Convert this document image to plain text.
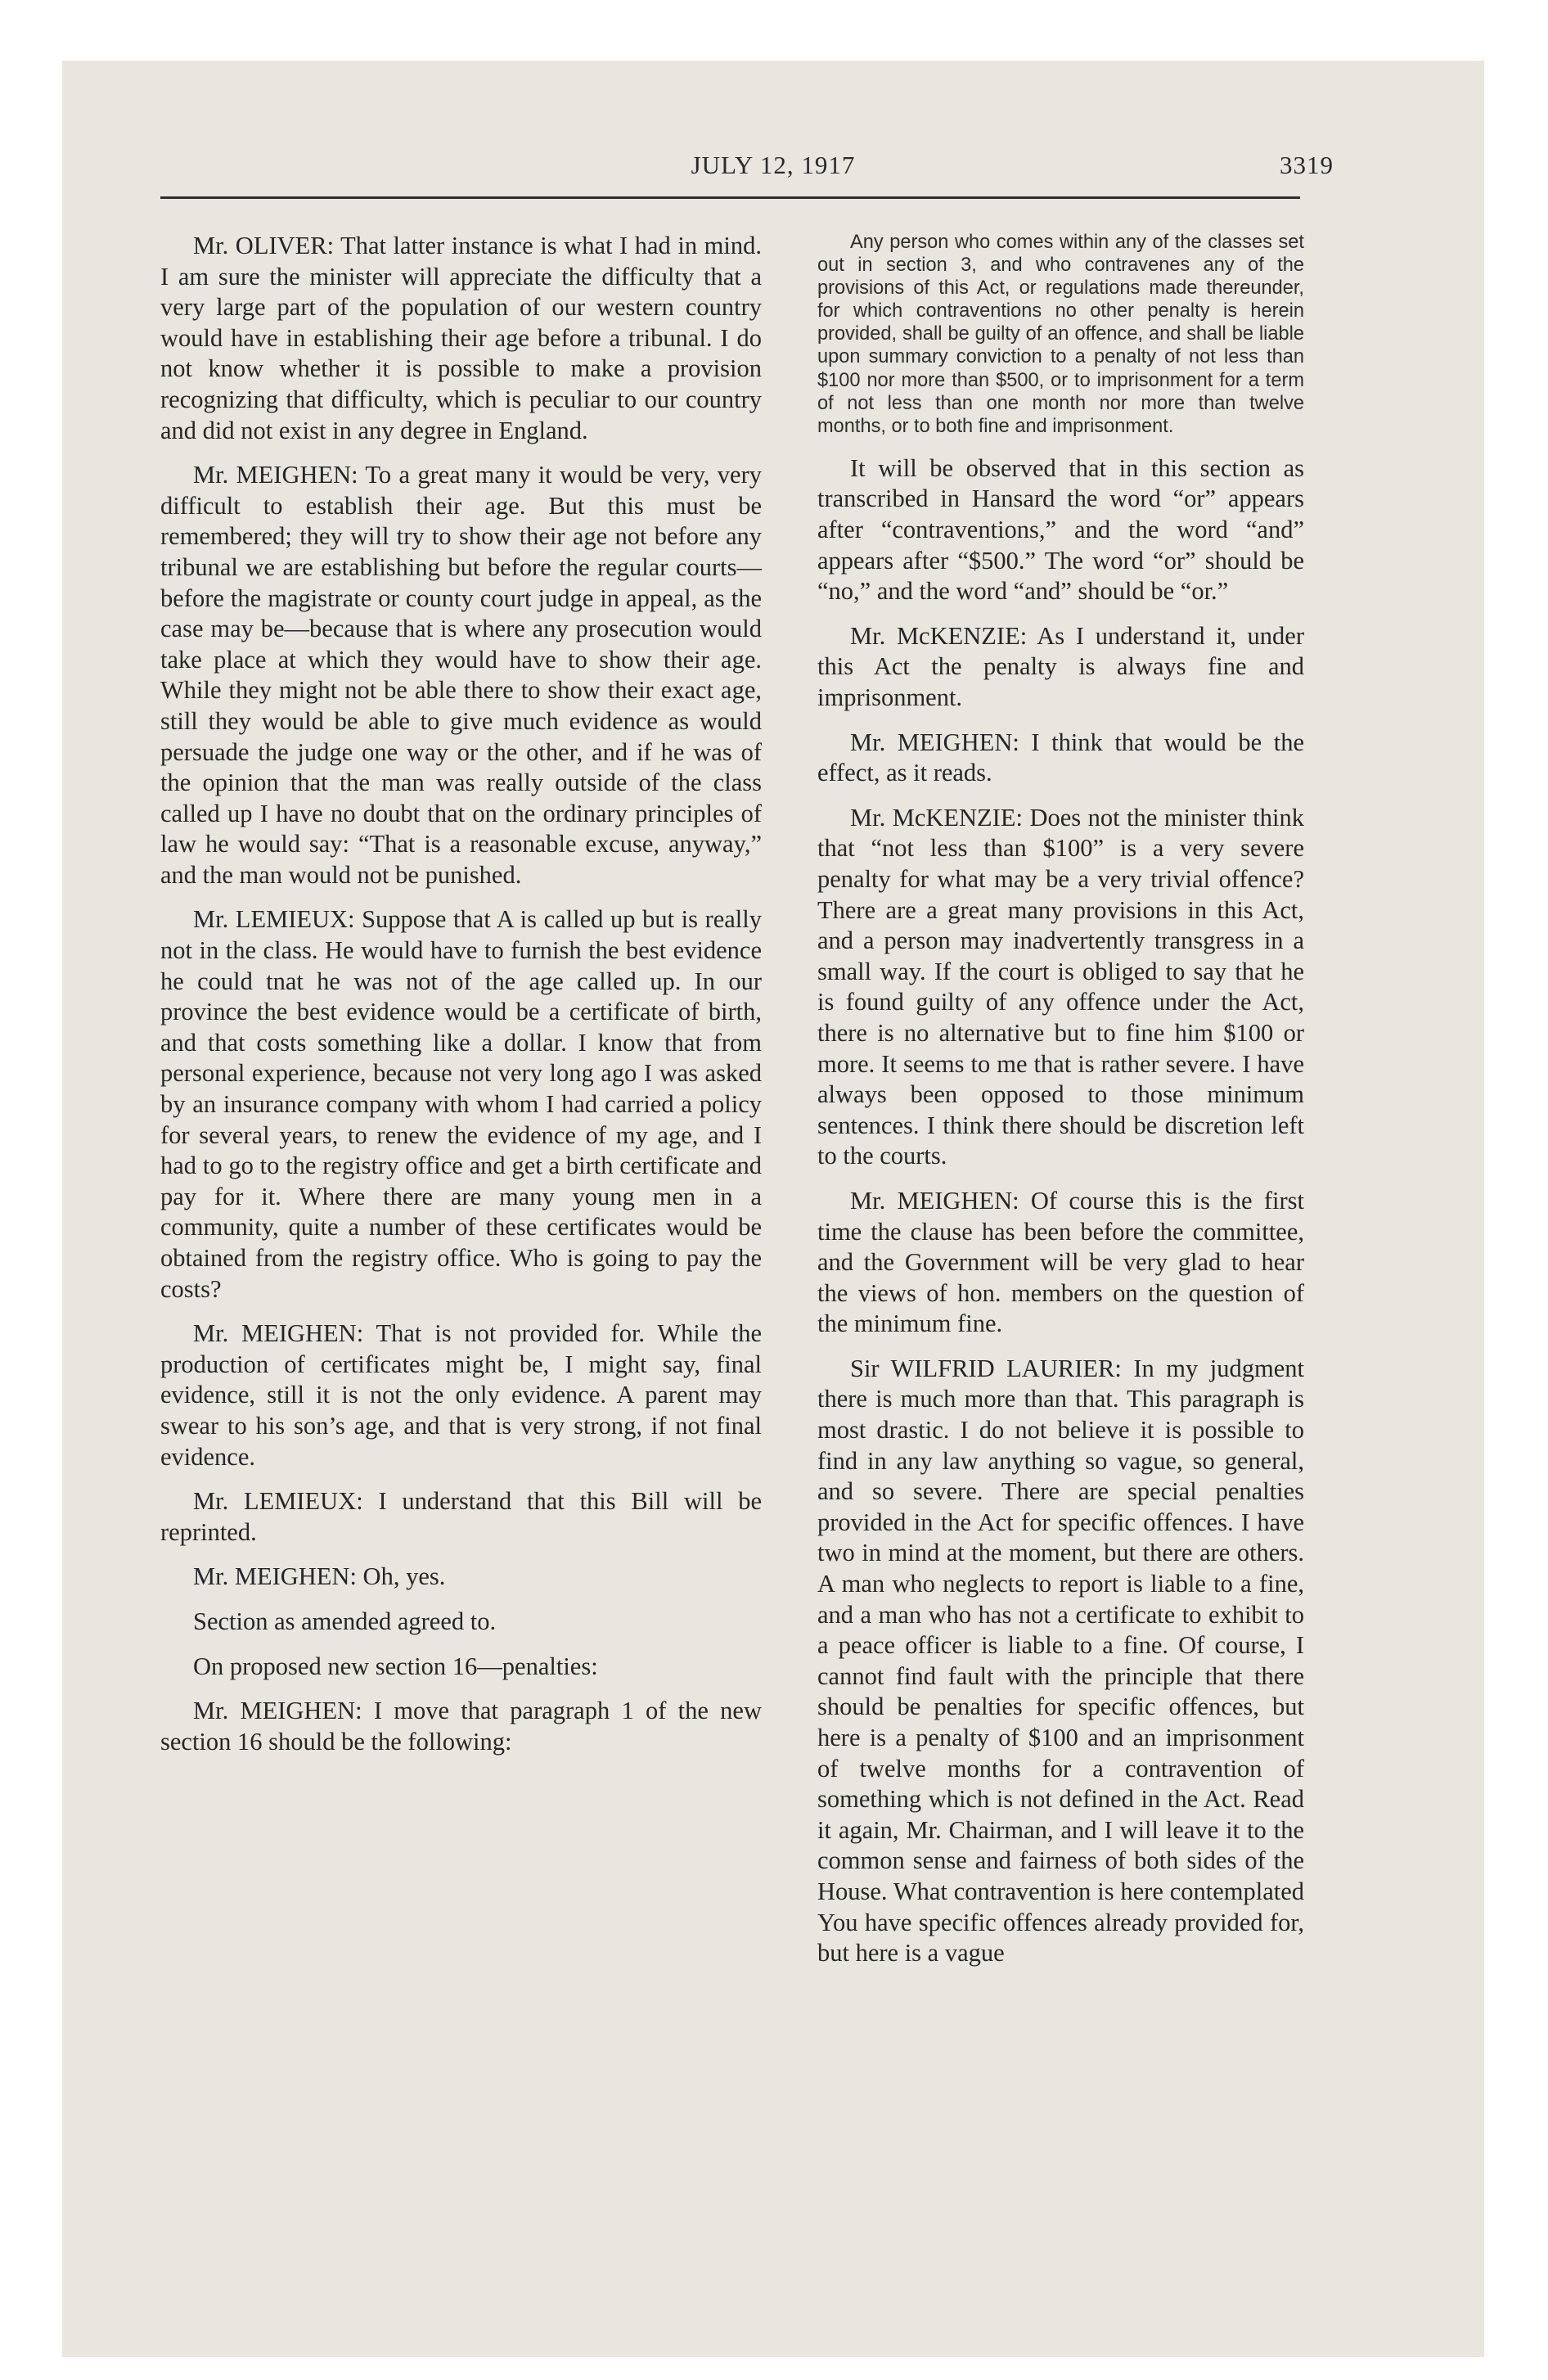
JULY 12, 1917	3319

Mr. OLIVER: That latter instance is what I had in mind. I am sure the minister will appreciate the difficulty that a very large part of the population of our western country would have in establishing their age before a tribunal. I do not know whether it is possible to make a provision recognizing that difficulty, which is peculiar to our country and did not exist in any degree in England.

Mr. MEIGHEN: To a great many it would be very, very difficult to establish their age. But this must be remembered; they will try to show their age not before any tribunal we are establishing but before the regular courts—before the magistrate or county court judge in appeal, as the case may be—because that is where any prosecution would take place at which they would have to show their age. While they might not be able there to show their exact age, still they would be able to give much evidence as would persuade the judge one way or the other, and if he was of the opinion that the man was really outside of the class called up I have no doubt that on the ordinary principles of law he would say: “That is a reasonable excuse, anyway,” and the man would not be punished.

Mr. LEMIEUX: Suppose that A is called up but is really not in the class. He would have to furnish the best evidence he could tnat he was not of the age called up. In our province the best evidence would be a certificate of birth, and that costs something like a dollar. I know that from personal experience, because not very long ago I was asked by an insurance company with whom I had carried a policy for several years, to renew the evidence of my age, and I had to go to the registry office and get a birth certificate and pay for it. Where there are many young men in a community, quite a number of these certificates would be obtained from the registry office. Who is going to pay the costs?

Mr. MEIGHEN: That is not provided for. While the production of certificates might be, I might say, final evidence, still it is not the only evidence. A parent may swear to his son’s age, and that is very strong, if not final evidence.

Mr. LEMIEUX: I understand that this Bill will be reprinted.

Mr. MEIGHEN: Oh, yes.

Section as amended agreed to.

On proposed new section 16—penalties:

Mr. MEIGHEN: I move that paragraph 1 of the new section 16 should be the following:

Any person who comes within any of the classes set out in section 3, and who contravenes any of the provisions of this Act, or regulations made thereunder, for which contraventions no other penalty is herein provided, shall be guilty of an offence, and shall be liable upon summary conviction to a penalty of not less than $100 nor more than $500, or to imprisonment for a term of not less than one month nor more than twelve months, or to both fine and imprisonment.

It will be observed that in this section as transcribed in Hansard the word “or” appears after “contraventions,” and the word “and” appears after “$500.” The word “or” should be “no,” and the word “and” should be “or.”

Mr. McKENZIE: As I understand it, under this Act the penalty is always fine and imprisonment.

Mr. MEIGHEN: I think that would be the effect, as it reads.

Mr. McKENZIE: Does not the minister think that “not less than $100” is a very severe penalty for what may be a very trivial offence? There are a great many provisions in this Act, and a person may inadvertently transgress in a small way. If the court is obliged to say that he is found guilty of any offence under the Act, there is no alternative but to fine him $100 or more. It seems to me that is rather severe. I have always been opposed to those minimum sentences. I think there should be discretion left to the courts.

Mr. MEIGHEN: Of course this is the first time the clause has been before the committee, and the Government will be very glad to hear the views of hon. members on the question of the minimum fine.

Sir WILFRID LAURIER: In my judgment there is much more than that. This paragraph is most drastic. I do not believe it is possible to find in any law anything so vague, so general, and so severe. There are special penalties provided in the Act for specific offences. I have two in mind at the moment, but there are others. A man who neglects to report is liable to a fine, and a man who has not a certificate to exhibit to a peace officer is liable to a fine. Of course, I cannot find fault with the principle that there should be penalties for specific offences, but here is a penalty of $100 and an imprisonment of twelve months for a contravention of something which is not defined in the Act. Read it again, Mr. Chairman, and I will leave it to the common sense and fairness of both sides of the House. What contravention is here contemplated You have specific offences already provided for, but here is a vague
